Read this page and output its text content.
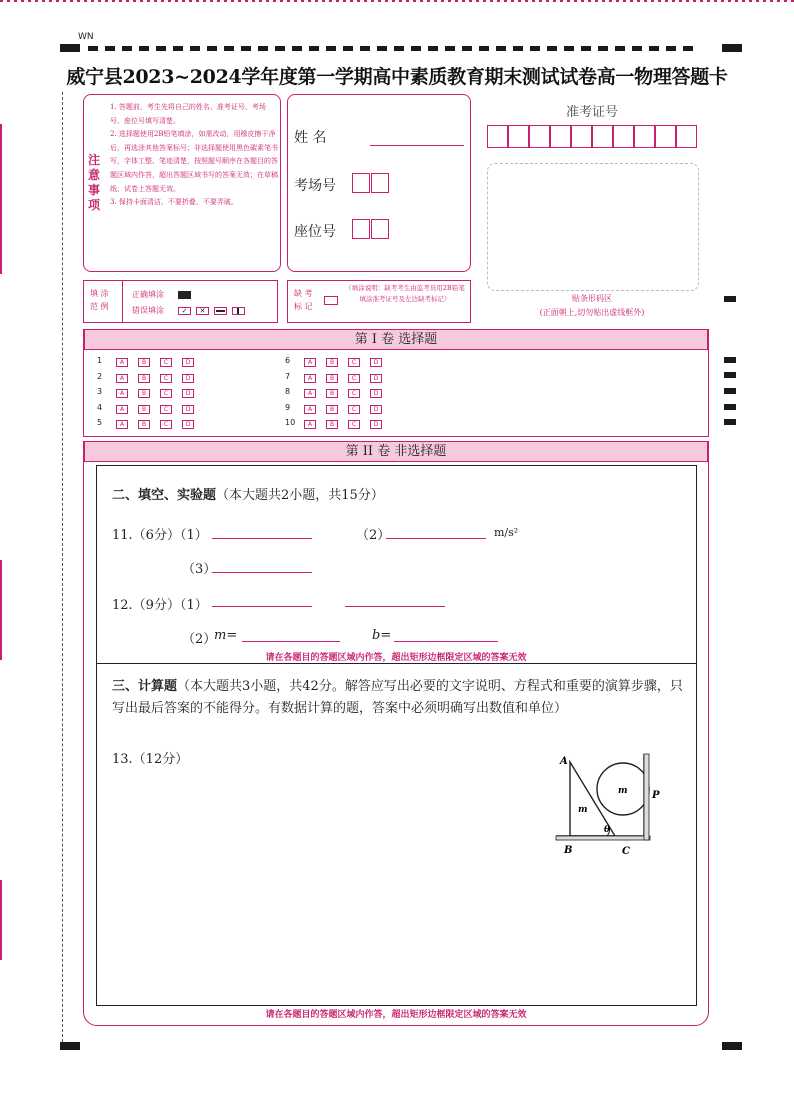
WN
威宁县2023~2024学年度第一学期高中素质教育期末测试试卷高一物理答题卡
注意事项
1. 答题前，考生先将自己的姓名、准考证号、考场号、座位号填写清楚。
2. 选择题使用2B铅笔填涂，如需改动，用橡皮擦干净后，再选涂其他答案标号；非选择题使用黑色碳素笔书写，字体工整、笔迹清楚，按照题号顺序在各题目的答题区域内作答，超出答题区域书写的答案无效；在草稿纸、试卷上答题无效。
3. 保持卡面清洁，不要折叠、不要弄破。
姓 名
考场号
座位号
准考证号
贴条形码区
(正面朝上,切勿贴出虚线框外)
填 涂
范 例
正确填涂
错误填涂	✓	✕
缺 考
标 记
（填涂说明：缺考考生由监考员用2B铅笔填涂准考证号及左边缺考标记）
第 I 卷 选择题
1	A	B	C	D
2	A	B	C	D
3	A	B	C	D
4	A	B	C	D
5	A	B	C	D
6	A	B	C	D
7	A	B	C	D
8	A	B	C	D
9	A	B	C	D
10	A	B	C	D
第 II 卷 非选择题
二、填空、实验题（本大题共2小题，共15分）
11.（6分）（1）	（2）	m/s²
（3）
12.（9分）（1）
（2）
m=	b=
请在各题目的答题区域内作答，超出矩形边框限定区域的答案无效
三、计算题（本大题共3小题，共42分。解答应写出必要的文字说明、方程式和重要的演算步骤，只写出最后答案的不能得分。有数据计算的题，答案中必须明确写出数值和单位）
13.（12分）	A
B	C
P
m
m
θ
请在各题目的答题区域内作答，超出矩形边框限定区域的答案无效
